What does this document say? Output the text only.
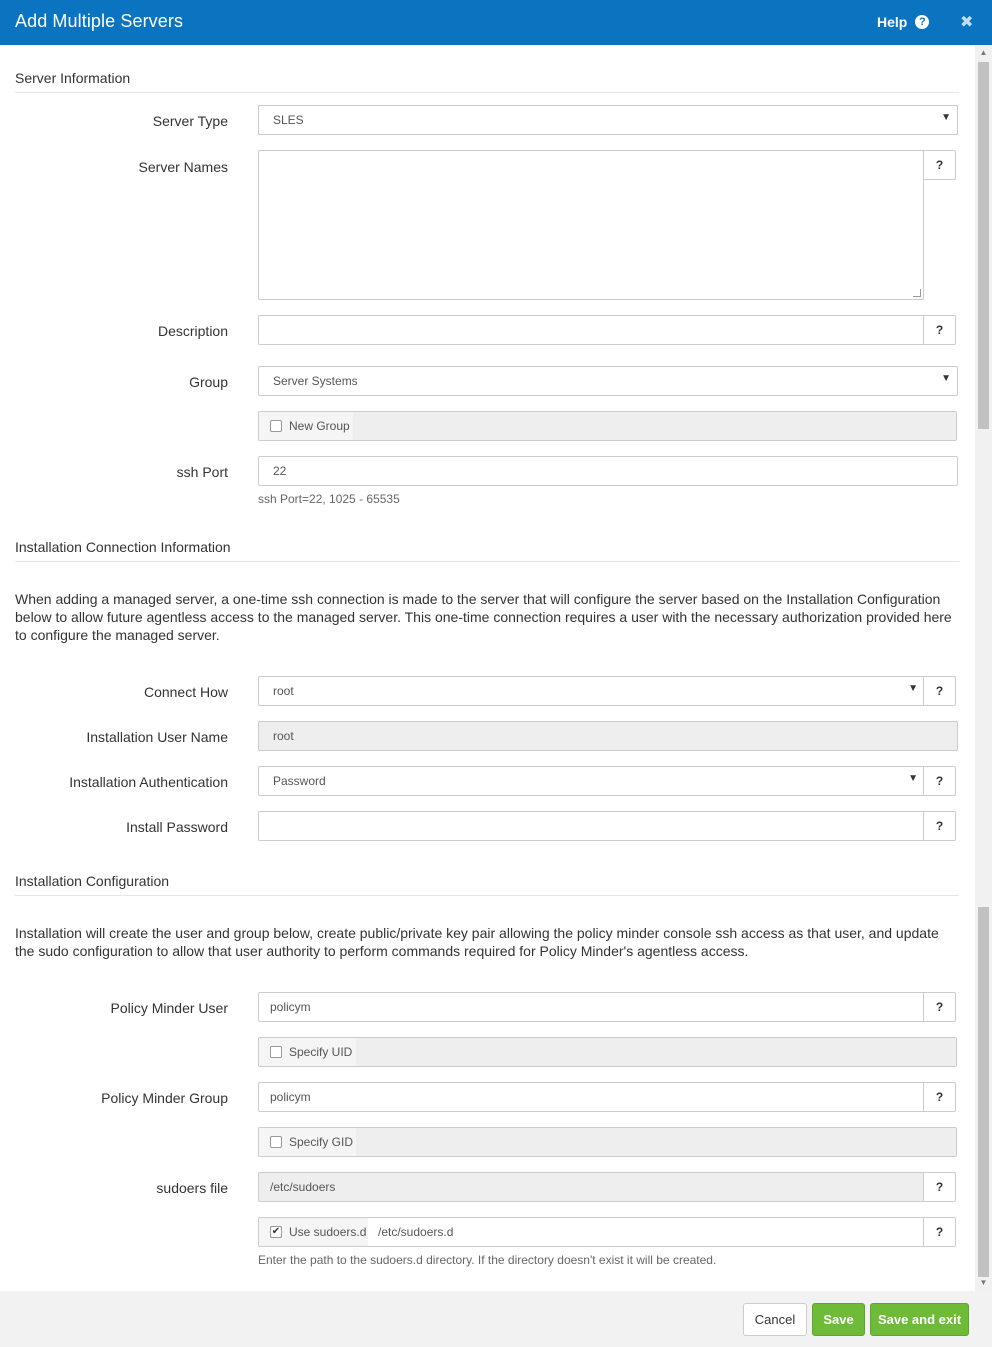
Add Multiple Servers	Help	? ✖
Server Information
Server Type	SLES	▼
Server Names	?
Description	?
Group	Server Systems	▼
New Group
ssh Port	22
ssh Port=22, 1025 - 65535
Installation Connection Information
When adding a managed server, a one-time ssh connection is made to the server that will configure the server based on the Installation Configuration below to allow future agentless access to the managed server. This one-time connection requires a user with the necessary authorization provided here to configure the managed server.
Connect How	root	▼	?
Installation User Name	root
Installation Authentication	Password	▼	?
Install Password	?
Installation Configuration
Installation will create the user and group below, create public/private key pair allowing the policy minder console ssh access as that user, and update the sudo configuration to allow that user authority to perform commands required for Policy Minder's agentless access.
Policy Minder User	policym	?
Specify UID
Policy Minder Group	policym	?
Specify GID
sudoers file	/etc/sudoers	?
✔ Use sudoers.d /etc/sudoers.d	?
Enter the path to the sudoers.d directory. If the directory doesn't exist it will be created.
▲
▼
Cancel	Save	Save and exit
